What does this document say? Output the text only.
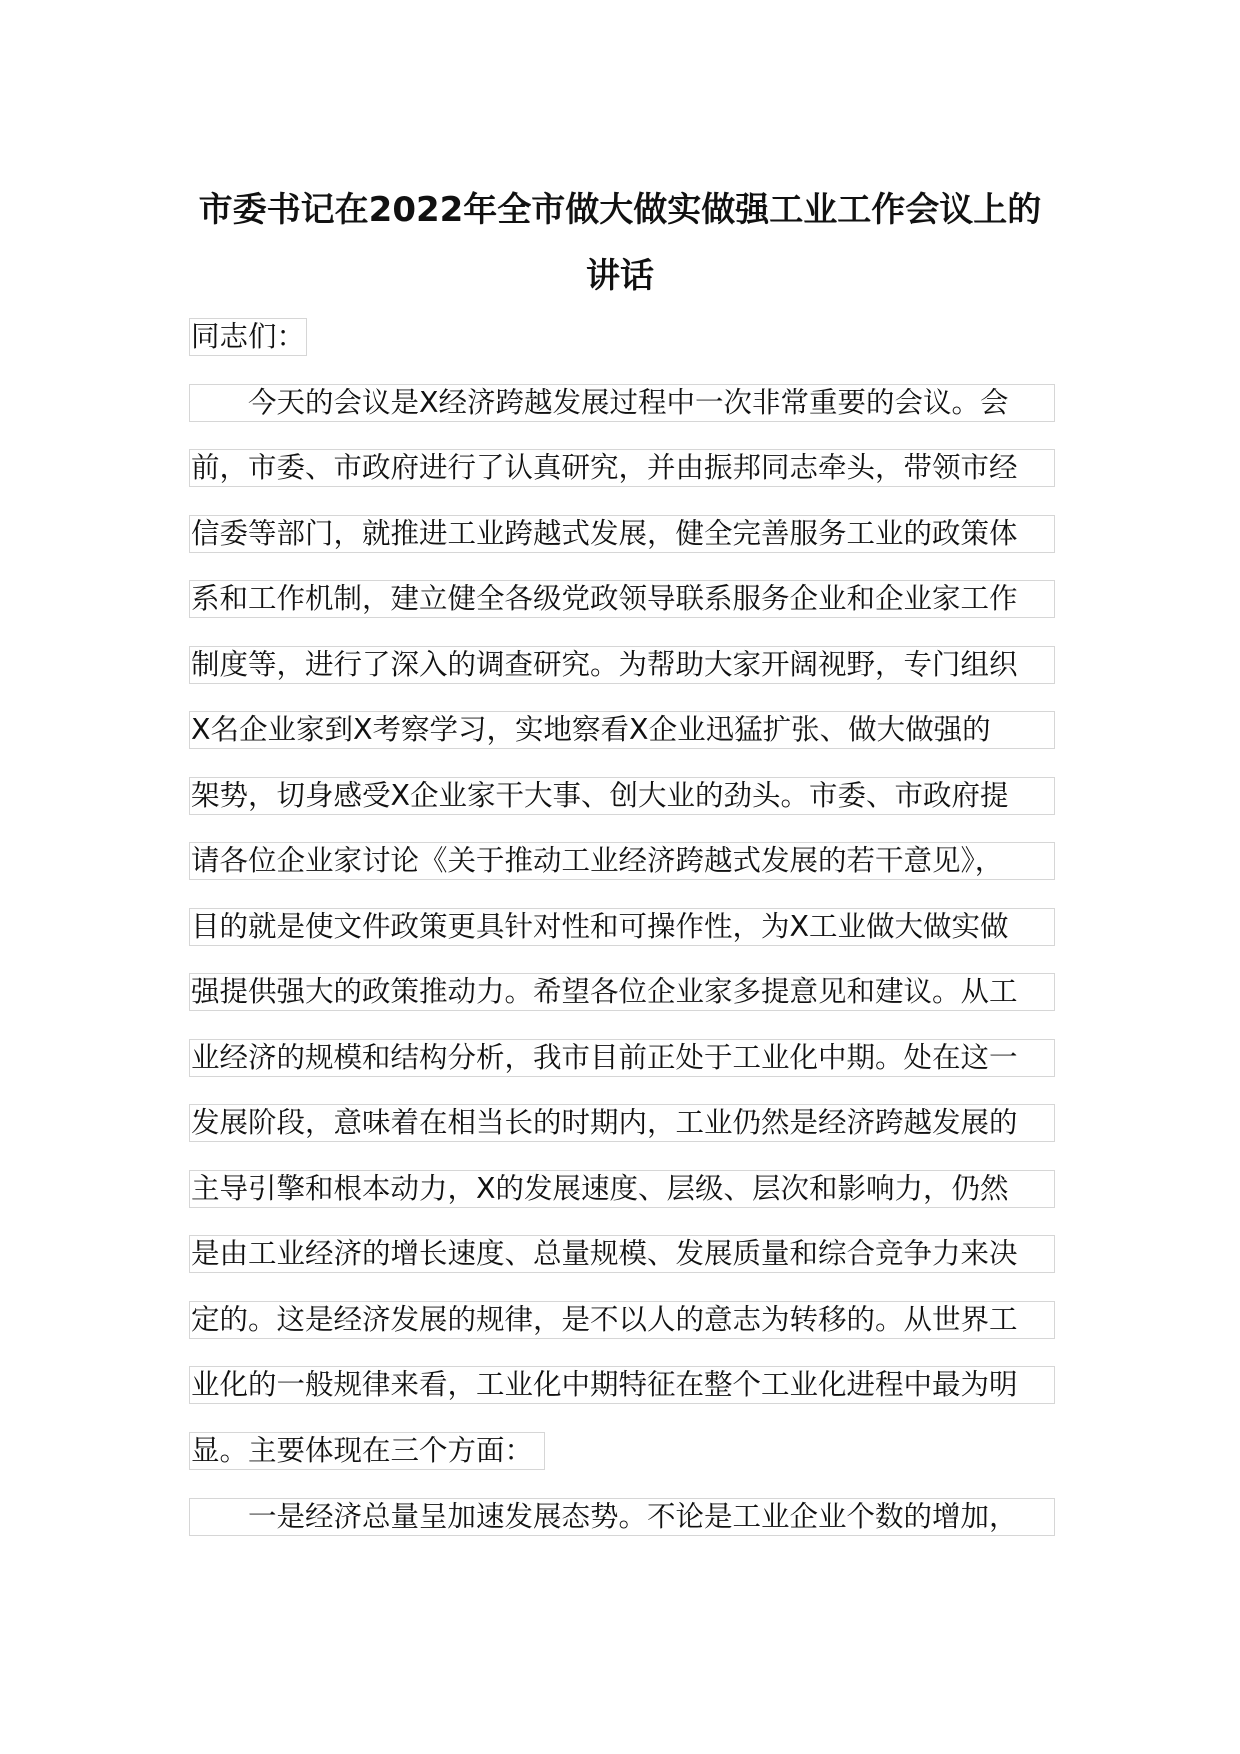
市委书记在2022年全市做大做实做强工业工作会议上的
讲话
同志们：
今天的会议是X经济跨越发展过程中一次非常重要的会议。会
前，市委、市政府进行了认真研究，并由振邦同志牵头，带领市经
信委等部门，就推进工业跨越式发展，健全完善服务工业的政策体
系和工作机制，建立健全各级党政领导联系服务企业和企业家工作
制度等，进行了深入的调查研究。为帮助大家开阔视野，专门组织
X名企业家到X考察学习，实地察看X企业迅猛扩张、做大做强的
架势，切身感受X企业家干大事、创大业的劲头。市委、市政府提
请各位企业家讨论《关于推动工业经济跨越式发展的若干意见》，
目的就是使文件政策更具针对性和可操作性，为X工业做大做实做
强提供强大的政策推动力。希望各位企业家多提意见和建议。从工
业经济的规模和结构分析，我市目前正处于工业化中期。处在这一
发展阶段，意味着在相当长的时期内，工业仍然是经济跨越发展的
主导引擎和根本动力，X的发展速度、层级、层次和影响力，仍然
是由工业经济的增长速度、总量规模、发展质量和综合竞争力来决
定的。这是经济发展的规律，是不以人的意志为转移的。从世界工
业化的一般规律来看，工业化中期特征在整个工业化进程中最为明
显。主要体现在三个方面：
一是经济总量呈加速发展态势。不论是工业企业个数的增加，
